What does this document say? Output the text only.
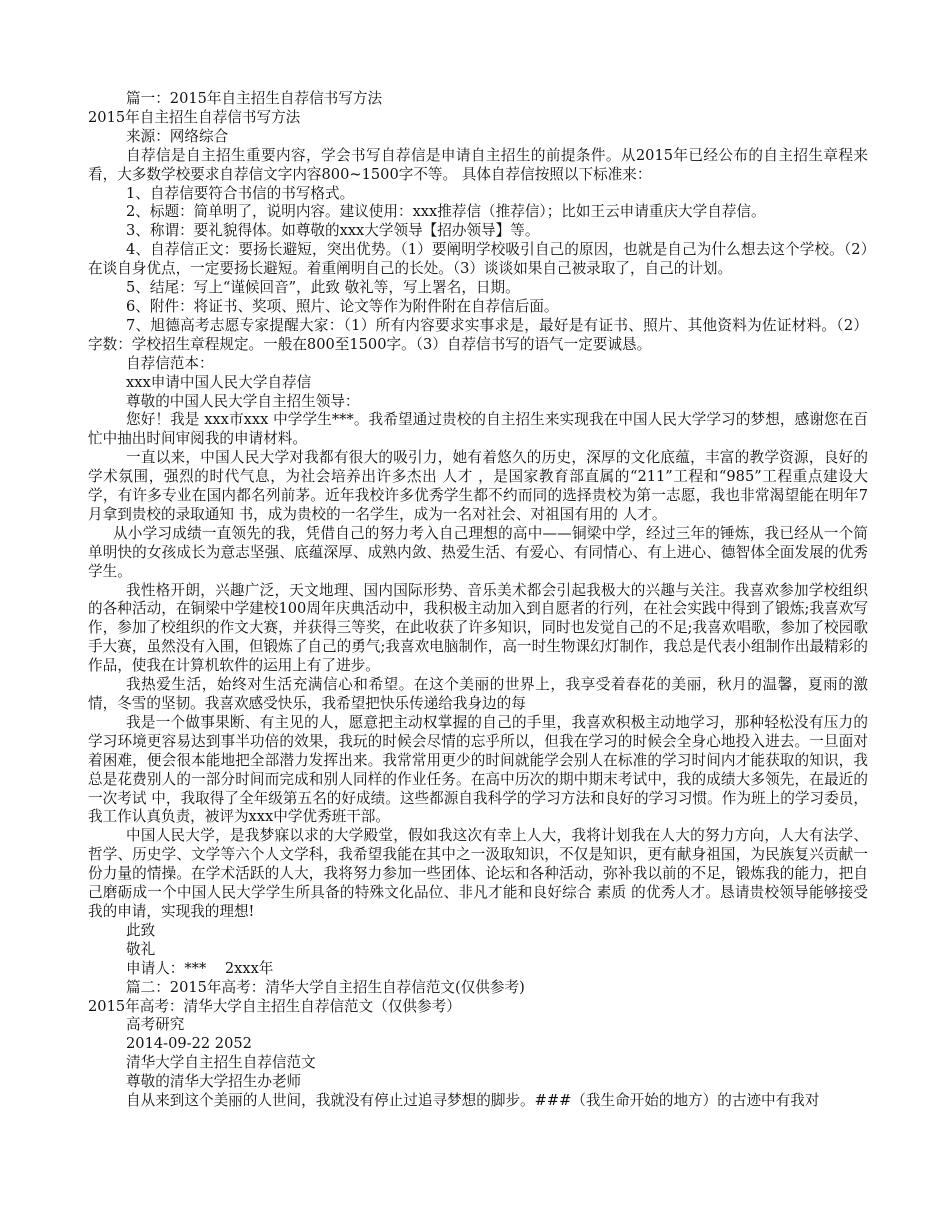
篇一：2015年自主招生自荐信书写方法

2015年自主招生自荐信书写方法

来源：网络综合

自荐信是自主招生重要内容，学会书写自荐信是申请自主招生的前提条件。从2015年已经公布的自主招生章程来看，大多数学校要求自荐信文字内容800~1500字不等。 具体自荐信按照以下标准来：

1、自荐信要符合书信的书写格式。

2、标题：简单明了，说明内容。建议使用：xxx推荐信（推荐信）；比如王云申请重庆大学自荐信。

3、称谓：要礼貌得体。如尊敬的xxx大学领导【招办领导】等。

4、自荐信正文：要扬长避短，突出优势。（1）要阐明学校吸引自己的原因，也就是自己为什么想去这个学校。（2）在谈自身优点，一定要扬长避短。着重阐明自己的长处。（3）谈谈如果自己被录取了，自己的计划。

5、结尾：写上“谨候回音”，此致 敬礼等，写上署名，日期。

6、附件：将证书、奖项、照片、论文等作为附件附在自荐信后面。

7、旭德高考志愿专家提醒大家：（1）所有内容要求实事求是，最好是有证书、照片、其他资料为佐证材料。（2）字数：学校招生章程规定。一般在800至1500字。（3）自荐信书写的语气一定要诚恳。

自荐信范本：

xxx申请中国人民大学自荐信

尊敬的中国人民大学自主招生领导：

您好！我是 xxx市xxx 中学学生***。我希望通过贵校的自主招生来实现我在中国人民大学学习的梦想，感谢您在百忙中抽出时间审阅我的申请材料。

一直以来，中国人民大学对我都有很大的吸引力，她有着悠久的历史，深厚的文化底蕴，丰富的教学资源，良好的学术氛围，强烈的时代气息，为社会培养出许多杰出 人才 ，是国家教育部直属的“211”工程和“985”工程重点建设大学，有许多专业在国内都名列前茅。近年我校许多优秀学生都不约而同的选择贵校为第一志愿，我也非常渴望能在明年7月拿到贵校的录取通知 书，成为贵校的一名学生，成为一名对社会、对祖国有用的 人才。

从小学习成绩一直领先的我，凭借自己的努力考入自己理想的高中——铜梁中学，经过三年的锤炼，我已经从一个简单明快的女孩成长为意志坚强、底蕴深厚、成熟内敛、热爱生活、有爱心、有同情心、有上进心、德智体全面发展的优秀学生。

我性格开朗，兴趣广泛，天文地理、国内国际形势、音乐美术都会引起我极大的兴趣与关注。我喜欢参加学校组织的各种活动，在铜梁中学建校100周年庆典活动中，我积极主动加入到自愿者的行列，在社会实践中得到了锻炼;我喜欢写作，参加了校组织的作文大赛，并获得三等奖，在此收获了许多知识，同时也发觉自己的不足;我喜欢唱歌，参加了校园歌手大赛，虽然没有入围，但锻炼了自己的勇气;我喜欢电脑制作，高一时生物课幻灯制作，我总是代表小组制作出最精彩的作品，使我在计算机软件的运用上有了进步。

我热爱生活，始终对生活充满信心和希望。在这个美丽的世界上，我享受着春花的美丽，秋月的温馨，夏雨的激情，冬雪的坚韧。我喜欢感受快乐，我希望把快乐传递给我身边的每

我是一个做事果断、有主见的人，愿意把主动权掌握的自己的手里，我喜欢积极主动地学习，那种轻松没有压力的学习环境更容易达到事半功倍的效果，我玩的时候会尽情的忘乎所以，但我在学习的时候会全身心地投入进去。一旦面对着困难，便会很本能地把全部潜力发挥出来。我常常用更少的时间就能学会别人在标准的学习时间内才能获取的知识，我总是花费别人的一部分时间而完成和别人同样的作业任务。在高中历次的期中期末考试中，我的成绩大多领先，在最近的一次考试 中，我取得了全年级第五名的好成绩。这些都源自我科学的学习方法和良好的学习习惯。作为班上的学习委员，我工作认真负责，被评为xxx中学优秀班干部。

中国人民大学，是我梦寐以求的大学殿堂，假如我这次有幸上人大，我将计划我在人大的努力方向，人大有法学、哲学、历史学、文学等六个人文学科，我希望我能在其中之一汲取知识，不仅是知识，更有献身祖国，为民族复兴贡献一份力量的情操。在学术活跃的人大，我将努力参加一些团体、论坛和各种活动，弥补我以前的不足，锻炼我的能力，把自己磨砺成一个中国人民大学学生所具备的特殊文化品位、非凡才能和良好综合 素质 的优秀人才。恳请贵校领导能够接受我的申请，实现我的理想!

此致

敬礼

申请人：***    2xxx年

篇二：2015年高考：清华大学自主招生自荐信范文(仅供参考)

2015年高考：清华大学自主招生自荐信范文（仅供参考）

高考研究

2014-09-22 2052

清华大学自主招生自荐信范文

尊敬的清华大学招生办老师

自从来到这个美丽的人世间，我就没有停止过追寻梦想的脚步。###（我生命开始的地方）的古迹中有我对
